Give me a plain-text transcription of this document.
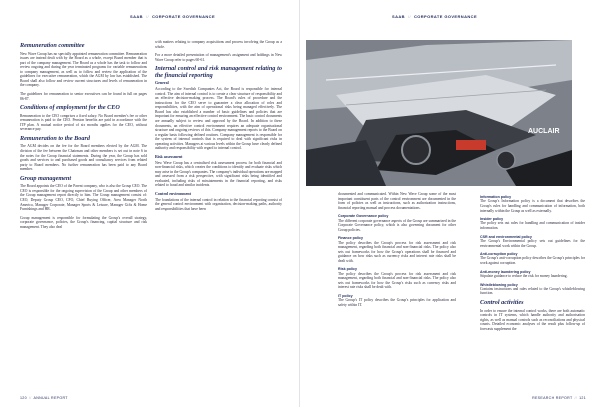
SAAB // CORPORATE GOVERNANCE
Remuneration committee

New Wave Group has no specially appointed remuneration committee. Remuneration issues are instead dealt with by the Board as a whole, except Board member that is part of the company management. The Board as a whole has the task to follow and review ongoing and during the year terminated programs for variable remunerations to company management, as well as to follow and review the application of the guidelines for executive remuneration, which the AGM by law has established. The Board shall also follow and review current structures and levels of remuneration in the company.

The guidelines for remuneration to senior executives can be found in full on pages 86-87.

Conditions of employment for the CEO

Remuneration to the CEO comprises a fixed salary. No Board member's fee or other remuneration is paid to the CEO. Pension benefits are paid in accordance with the ITP plan. A mutual notice period of six months applies for the CEO, without severance pay.

Remuneration to the Board

The AGM decides on the fee for the Board members elected by the AGM. The division of the fee between the Chairman and other members is set out in note 6 in the notes for the Group financial statements. During the year, the Group has sold goods and services to and purchased goods and consultancy services from related party to Board members. No further remuneration has been paid to any Board member.

Group management

The Board appoints the CEO of the Parent company, who is also the Group CEO. The CEO is responsible for the ongoing supervision of the Group and other members of the Group management report directly to him. The Group management consist of: CEO, Deputy Group CEO, CFO, Chief Buying Officer, Area Manager North America, Manager Corporate, Manager Sports & Leisure, Manager Gifts & Home Furnishings and HR.

Group management is responsible for formulating the Group's overall strategy, corporate governance, policies, the Group's financing, capital structure and risk management. They also deal

with matters relating to company acquisitions and process involving the Group as a whole.

For a more detailed presentation of management's assignment and holdings in New Wave Group refer to pages 60-61.

Internal control and risk management relating to the financial reporting
General

According to the Swedish Companies Act, the Board is responsible for internal control. The aim of internal control is to create a clear structure of responsibility and an effective decision-making process. The Board's rules of procedure and the instructions for the CEO serve to guarantee a clear allocation of roles and responsibilities, with the aim of operational risks being managed effectively. The Board has also established a number of basic guidelines and policies that are important for ensuring an effective control environment. The basic control documents are annually subject to review and approval by the Board. In addition to these documents, an effective control environment requires an adequate organisational structure and ongoing reviews of this. Company management reports to the Board on a regular basis following defined routines. Company management is responsible for the system of internal controls that is required to deal with significant risks in operating activities. Managers at various levels within the Group have clearly defined authority and responsibility with regard to internal control.

Risk assessment

New Wave Group has a centralised risk assessment process for both financial and non-financial risks, which creates the conditions to identify and evaluate risks which may arise in the Group's companies. The company's individual operations are mapped and assessed from a risk perspective, with significant risks being identified and evaluated, including risks of misstatements in the financial reporting, and risks related to fraud and similar incidents.

Control environment

The foundations of the internal control in relation to the financial reporting consist of the general control environment with organisation, decision-making paths, authority and responsibilities that have been

120 // ANNUAL REPORT
SAAB // CORPORATE GOVERNANCE

documented and communicated. Within New Wave Group some of the most important constituent parts of the control environment are documented in the form of policies as well as instructions, such as authorization instructions, financial reporting manual and process documentations.

Corporate Governance policy

The different corporate governance aspects of the Group are summarized in the Corporate Governance policy, which is also governing document for other Group policies.

Finance policy

The policy describes the Group's process for risk assessment and risk management, regarding both financial and non-financial risks. The policy also sets out frameworks for how the Group's operations shall be financed and guidance on how risks such as currency risks and interest rate risks shall be dealt with.

Risk policy

The policy describes the Group's process for risk assessment and risk management, regarding both financial and non-financial risks. The policy also sets out frameworks for how the Group's risks such as currency risks and interest rate risks shall be dealt with.

IT policy

The Group's IT policy describes the Group's principles for application and safety within IT.

Information policy

The Group's Information policy is a document that describes the Group's rules for handling and communication of information, both internally within the Group as well as externally.

Insider policy

The policy sets out rules for handling and communication of insider information.

CSR and environmental policy

The Group's Environmental policy sets out guidelines for the environmental work within the Group.

Anti-corruption policy

The Group's anti-corruption policy describes the Group's principles for work against corruption.

Anti-money laundering policy

Stipulate guidance to reduce the risk for money laundering.

Whistleblowing policy

Contains instructions and rules related to the Group's whistleblowing function.

Control activities

In order to ensure the internal control works, there are both automatic controls in IT systems, which handle authority and authorisation rights, as well as manual controls such as reconciliations and physical counts. Detailed economic analyses of the result plus follow-up of forecasts supplement the

RESEARCH REPORT // 121
AUCLAIR
